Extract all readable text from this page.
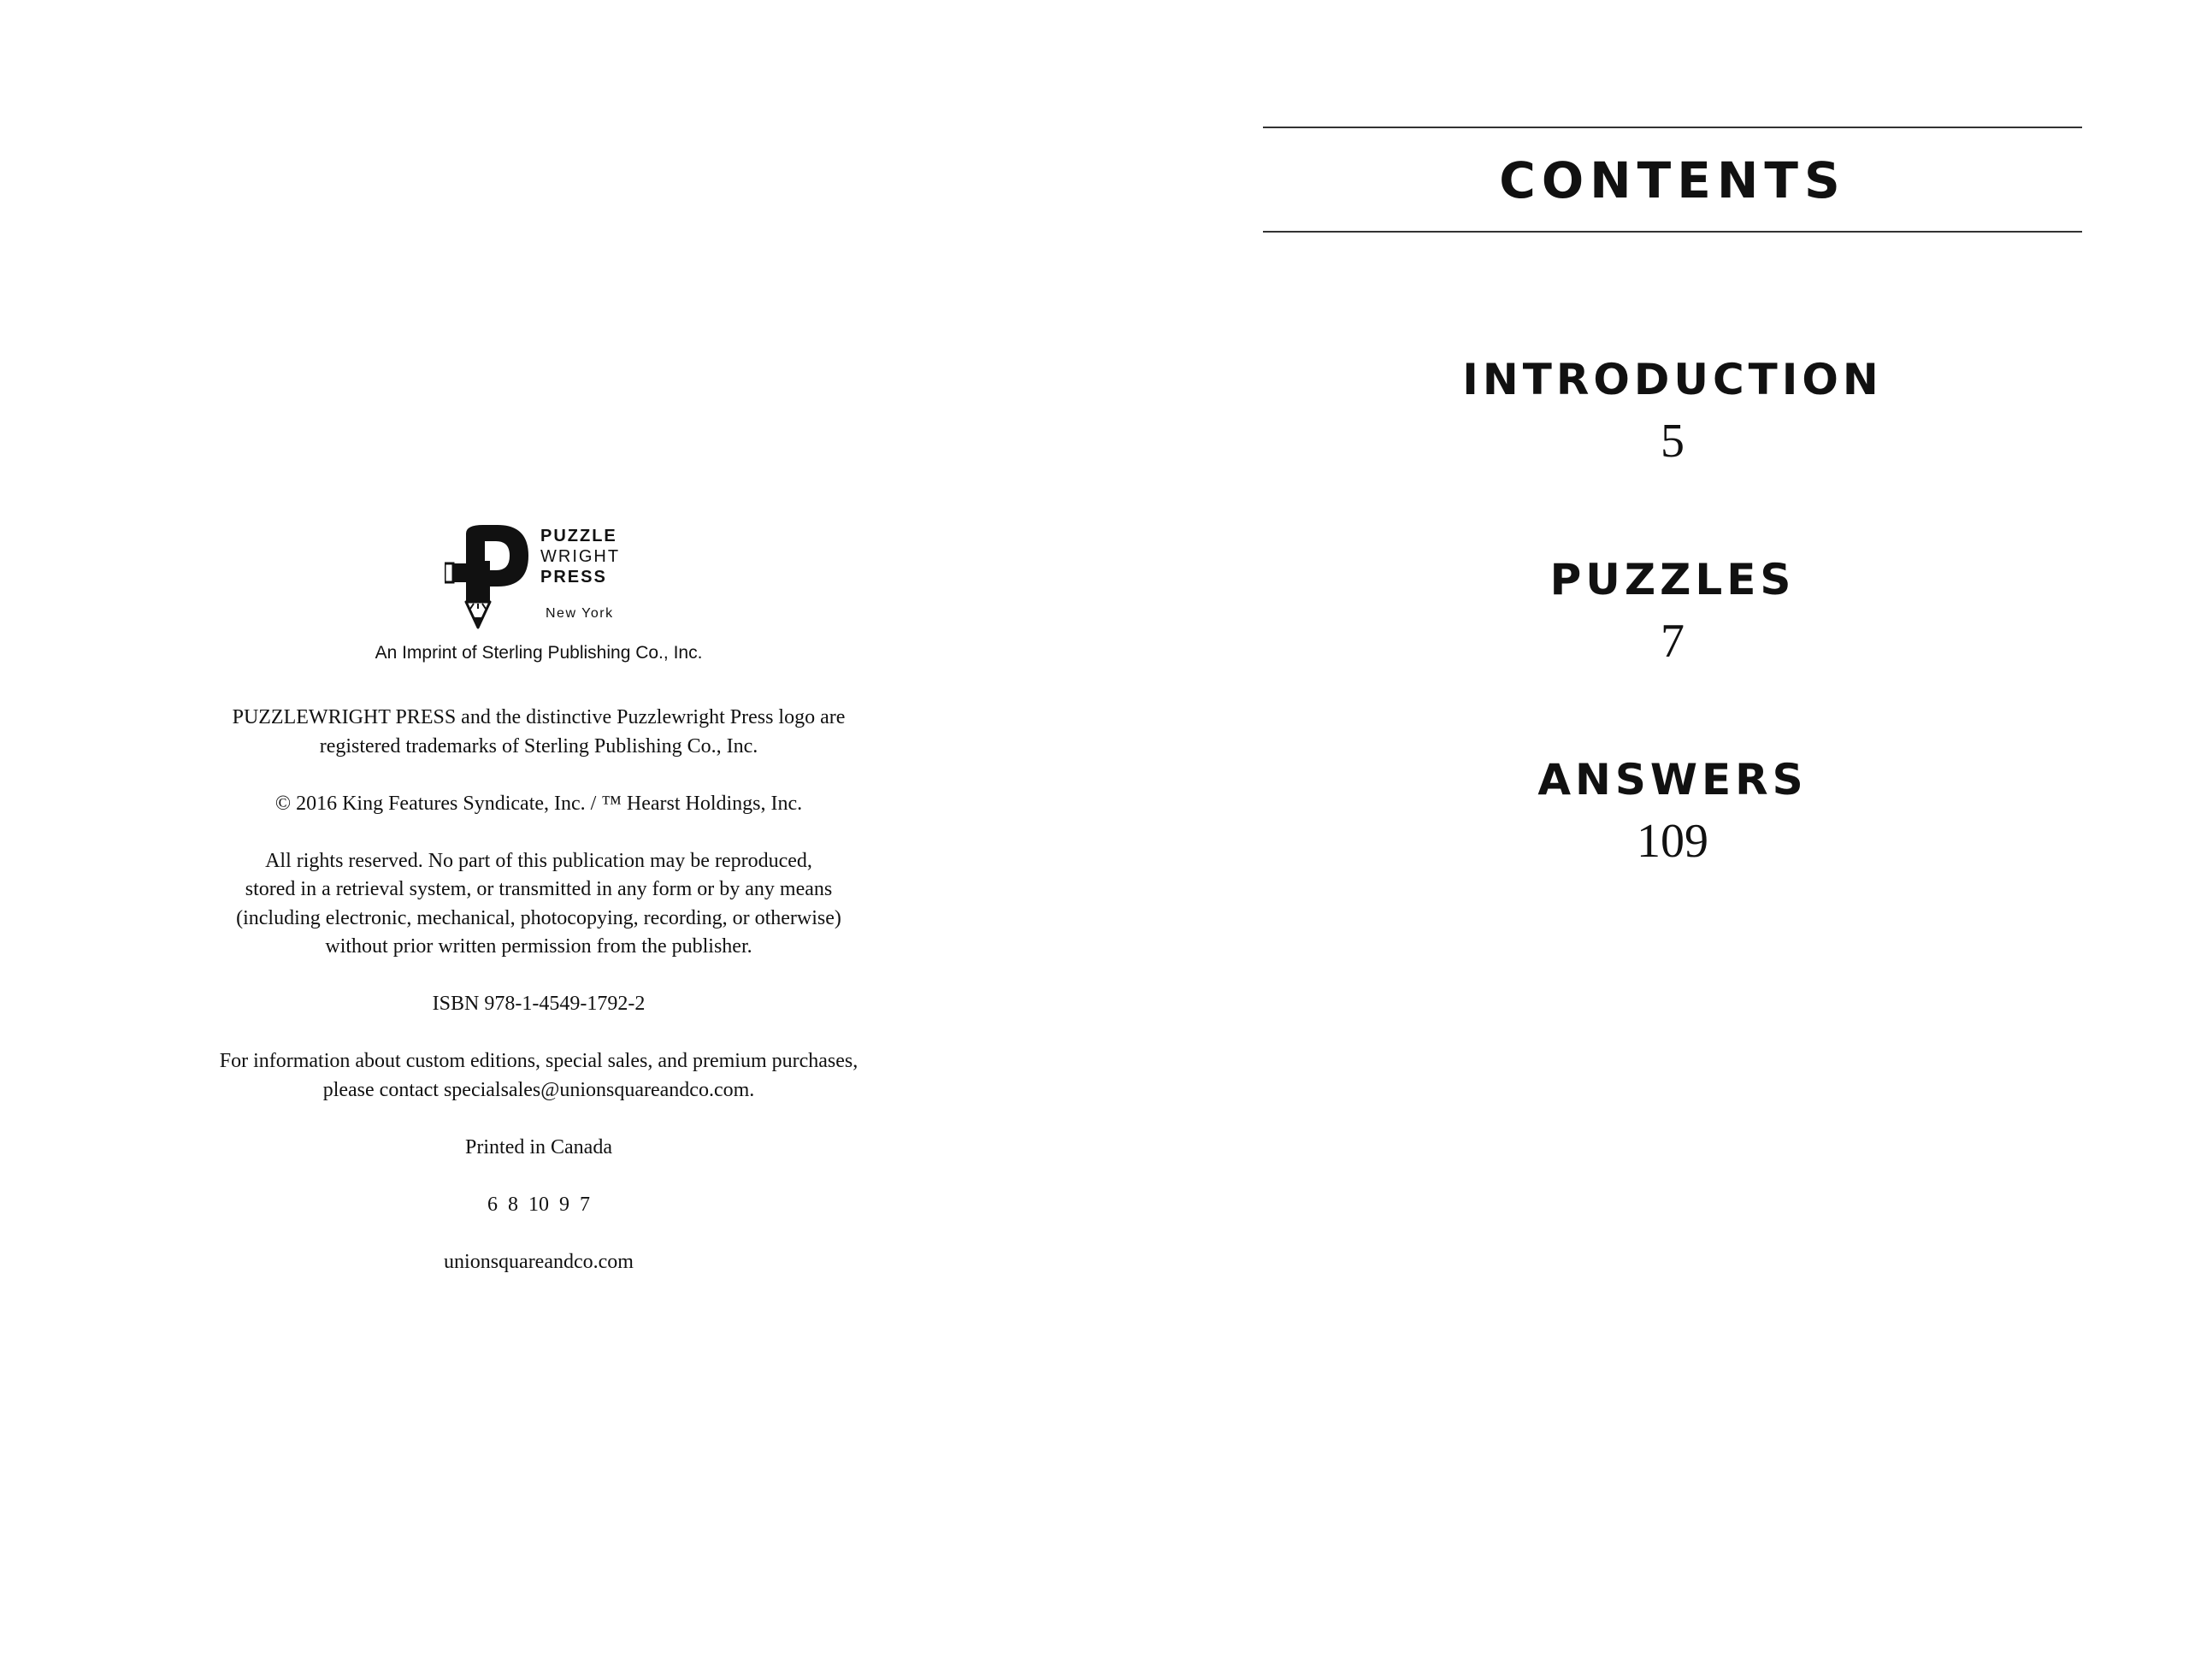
PUZZLE
WRIGHT
PRESS
New York
An Imprint of Sterling Publishing Co., Inc.

PUZZLEWRIGHT PRESS and the distinctive Puzzlewright Press logo are
registered trademarks of Sterling Publishing Co., Inc.

© 2016 King Features Syndicate, Inc. / ™ Hearst Holdings, Inc.

All rights reserved. No part of this publication may be reproduced,
stored in a retrieval system, or transmitted in any form or by any means
(including electronic, mechanical, photocopying, recording, or otherwise)
without prior written permission from the publisher.

ISBN 978-1-4549-1792-2

For information about custom editions, special sales, and premium purchases,
please contact specialsales@unionsquareandco.com.

Printed in Canada

6  8  10  9  7

unionsquareandco.com

CONTENTS
INTRODUCTION
5
PUZZLES
7
ANSWERS
109
